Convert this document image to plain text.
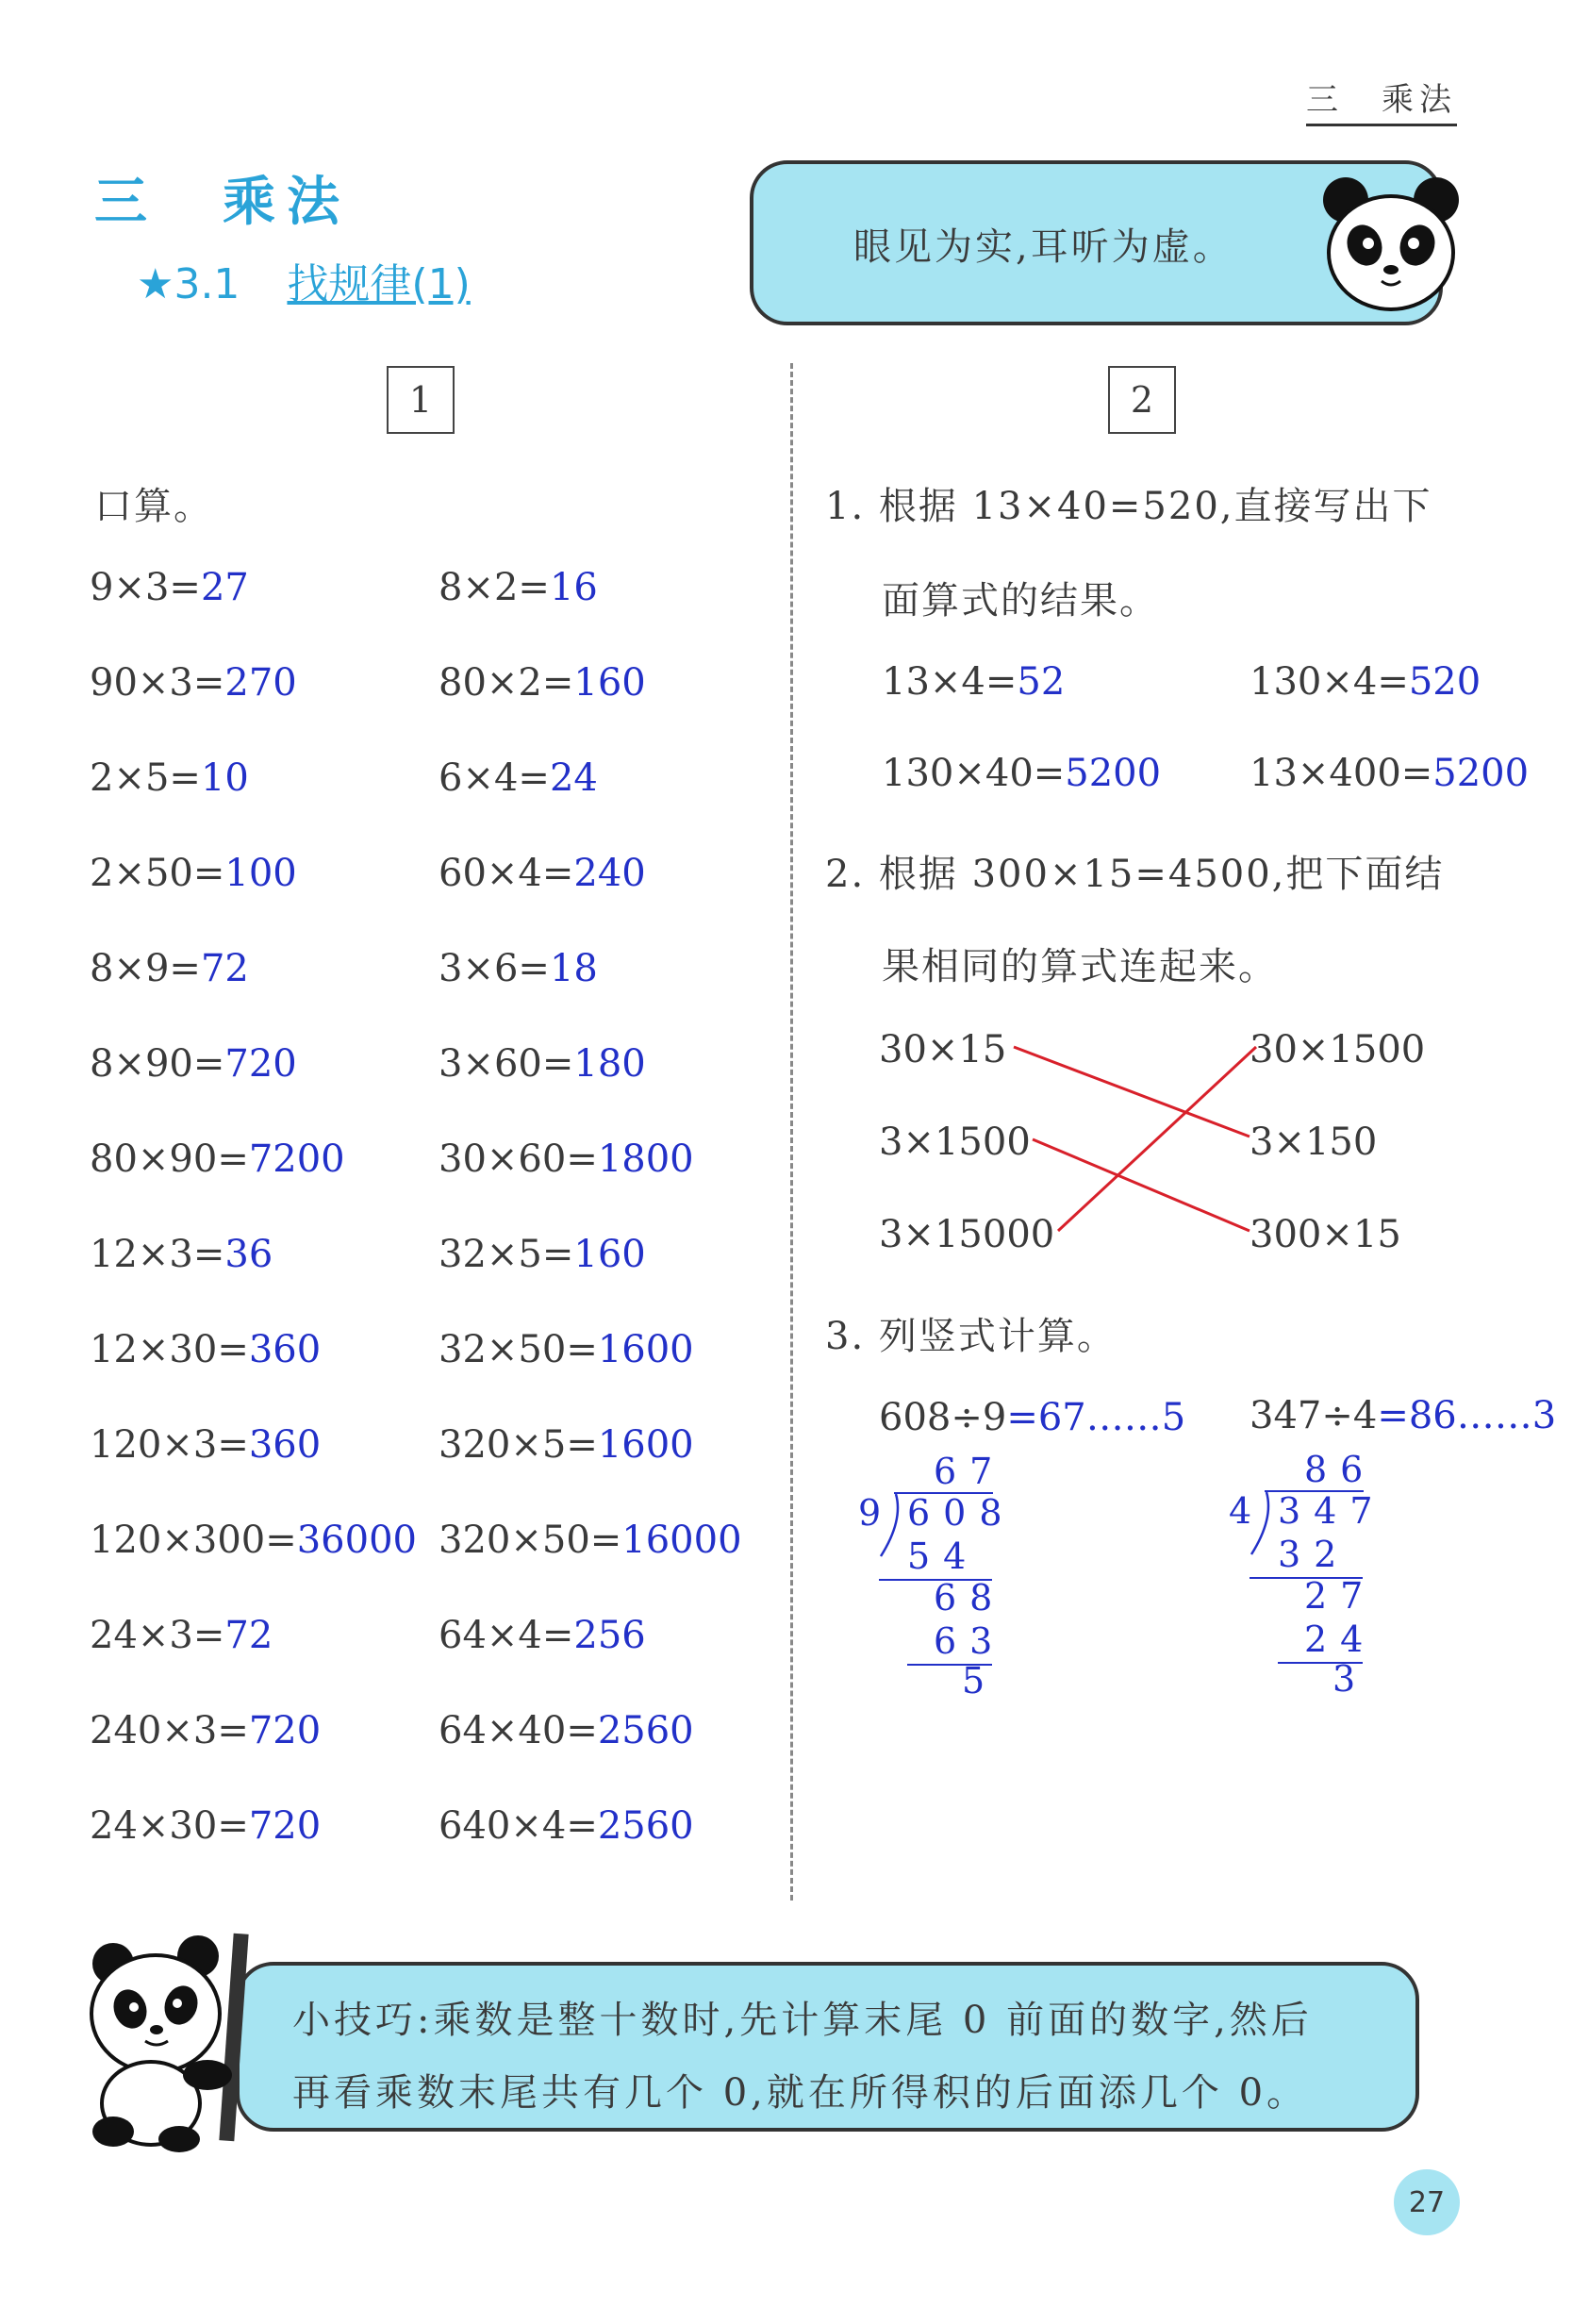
三　乘法
三　乘法
★3.1 找规律(1)
眼见为实,耳听为虚。
1	2
口算。
9×3=27
90×3=270
2×5=10
2×50=100
8×9=72
8×90=720
80×90=7200
12×3=36
12×30=360
120×3=360
120×300=36000
24×3=72
240×3=720
24×30=720
8×2=16
80×2=160
6×4=24
60×4=240
3×6=18
3×60=180
30×60=1800
32×5=160
32×50=1600
320×5=1600
320×50=16000
64×4=256
64×40=2560
640×4=2560
1. 根据 13×40=520,直接写出下
面算式的结果。
13×4=52	130×4=520
130×40=5200 13×400=5200
2. 根据 300×15=4500,把下面结
果相同的算式连起来。
30×15
3×1500
3×15000
30×1500
3×150
300×15
3. 列竖式计算。
608÷9=67……5 347÷4=86……3
67
9 608
54
68
63
5
86
4 347
32
27
24
3
小技巧:乘数是整十数时,先计算末尾 0 前面的数字,然后
再看乘数末尾共有几个 0,就在所得积的后面添几个 0。
27
